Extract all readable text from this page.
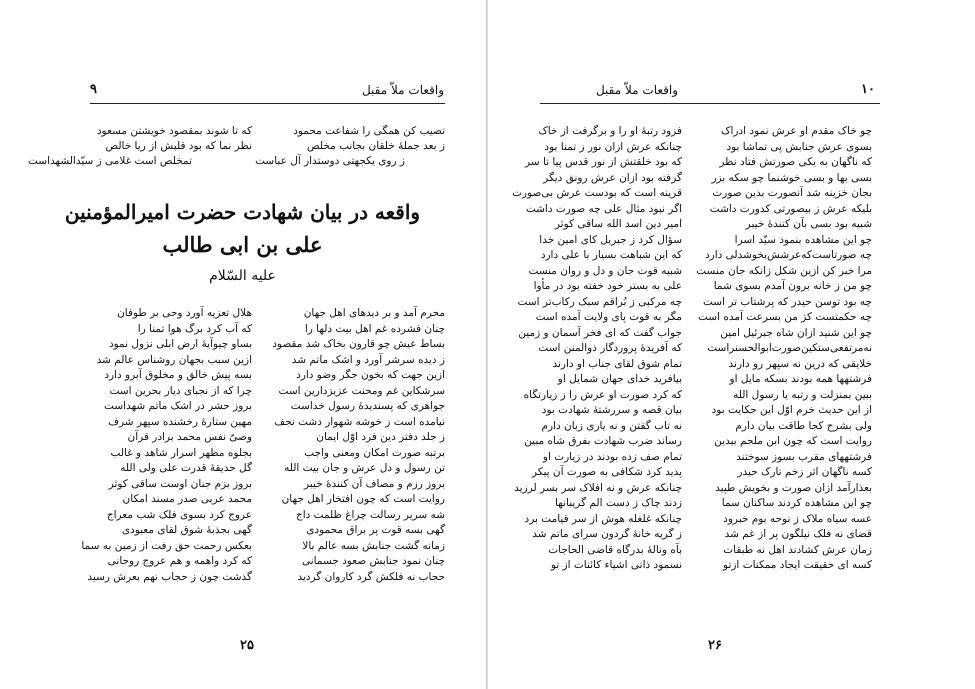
۹	واقعات ملاّ مقبل
تصیب کن همگی را شفاعت محمود
ز بعد جملهٔ خلقان بجانب مخلص
ز روی یکجهتی دوستدار آل عباست
که تا شوند بمقصود خویشتن مسعود
نظر نما که بود قلبش از ریا خالص
تمخلص است غلامی ز سیّدالشهداست
واقعه در بیان شهادت حضرت امیرالمؤمنین
علی بن ابی طالب
علیه السّلام
محرم آمد و بر دیدهای اهل جهان
چنان فشرده غم اهل بیت دلها را
بساط عیش چو قارون بخاک شد مقصود
ز دیده سرشر آورد و اشک ماتم شد
ازین جهت که بخون جگر وضو دارد
سرشکاین غم ومحنت عزیزدارین است
جواهری که پسندیدهٔ رسول خداست
نیامده است ز خوشه شهوار دشت نجف
ز جلد دفتر دین فرد اوّل ایمان
برتبه صورت امکان ومعنی واجب
تن رسول و دل عرش و جان بیت الله
بروز رزم و مصاف آن کنندهٔ خیبر
روایت است که چون افتخار اهل جهان
شه سریر رسالت چراغ ظلمت داج
گهی بسه قوت پر براق محمودی
زمانه گشت جنابش بسه عالم بالا
چنان نمود جنابش صعود جسمانی
حجاب نه فلکش گرد کاروان گردید
هلال تعزیه آورد وحی بر طوفان
که آب کرد برگ هوا تمنا را
بساو چیوآیهٔ ارض ابلی نزول نمود
ازین سبب بجهان روشناس عالم شد
بسه پیش خالق و مخلوق آبرو دارد
چرا که از نجبای دیار بحرین است
بروز حشر در اشک ماتم شهداست
مهین ستارهٔ رخشنده سپهر شرف
وصیّ نفس محمد برادر قرآن
بجلوه مظهر اسرار شاهد و غالب
گل حدیقهٔ قدرت علی ولی الله
بروز بزم جنان اوست ساقی کوثر
محمد عربی صدر مسند امکان
عروج کرد بسوی فلک شب معراج
گهی بجذبهٔ شوق لقای معبودی
بعکس رحمت حق رفت از زمین به سما
که کرد واهمه و هم عروج روحانی
گذشت چون ز حجاب نهم بعرش رسید
۲۵
۱۰
واقعات ملاّ مقبل
چو خاک مقدم او عرش نمود ادراک
بسوی عرش جنابش پی تماشا بود
که ناگهان به یکی صورتش فتاد نظر
بسی بها و بسی خوشنما چو سکه بزر
بجان خزینه شد آنصورت بدین صورت
بلیکه عرش ز بیصورتی کدورت داشت
شبیه بود بسی بآن کنندهٔ خیبر
چو این مشاهده بنمود سیّد اسرا
چه صورتاست‌که‌عرشش‌بخوشدلی دارد
مرا خبر کن ازین شکل زانکه جان منست
چو من ز خانه برون آمدم بسوی شما
چه بود توسن حیدر که پرشتاب تر است
چه حکمتست کز من بسرعت آمده است
چو این شنید ازان شاه جبرئیل امین
نه‌مر‌تفعی‌ستکین‌صورت‌ابوالحسنراست
خلایقی که درین نه سپهر رو دارند
فرشتهها همه بودند بسکه مایل او
ببین بمنزلت و رتبه یا رسول الله
از این حدیث خرم اوّل این حکایت بود
ولی بشرح کجا طاقت بیان دارم
روایت است که چون ابن ملجم بیدین
فرشتههای مقرب بسوز سوختند
کسه ناگهان اثر زخم تارک حیدر
بعذارآمد ازان صورت و بخویش طپید
چو این مشاهده کردند ساکنان سما
عسه سیاه ملاک ز نوحه بوم خبرود
قضای نه فلک نیلگون پر از غم شد
زمان عرش کشادند اهل نه طبقات
کسه ای حقیقت ایجاد ممکنات ازتو
فزود رتبهٔ او را و برگرفت از خاک
چنانکه عرش ازان نور ز تمنا بود
که بود خلقتش از نور قدس پیا تا سر
گرفته بود ازان عرش رونق دیگر
قرینه است که بودست عرش بی‌صورت
اگر نبود مثال علی چه صورت داشت
امیر دین اسد الله ساقی کوثر
سؤال کرد ز جبریل کای امین خدا
که این شباهت بسیار با علی دارد
شبیه قوت جان و دل و روان منست
علی به بستر خود خفته بود در مأوا
چه مرکبی ز بُراقم سبک رکاب‌تر است
مگر به قوت پای ولایت آمده است
جواب گفت که ای فخر آسمان و زمین
که آفریدهٔ پروردگار ذوالمنن است
تمام شوق لقای جناب او دارند
بیافرید خدای جهان شمایل او
که کرد صورت او عرش را ز زیارتگاه
بیان قصه و سررشتهٔ شهادت بود
نه تاب گفتن و نه یاری زبان دارم
رساند ضرب شهادت بفرق شاه مبین
تمام صف زده بودند در زیارت او
پدید کرد شکافی به صورت آن پیکر
چنانکه عرش و نه افلاک سر بسر لرزید
زدند چاک ز دست الم گریبانها
چنانکه غلغله هوش از سر قیامت برد
ز گریه خانهٔ گردون سرای ماتم شد
بآه ونالهٔ بدرگاه قاضی الحاجات
نسمود ذاتی اشیاء کائنات از تو
۲۶
